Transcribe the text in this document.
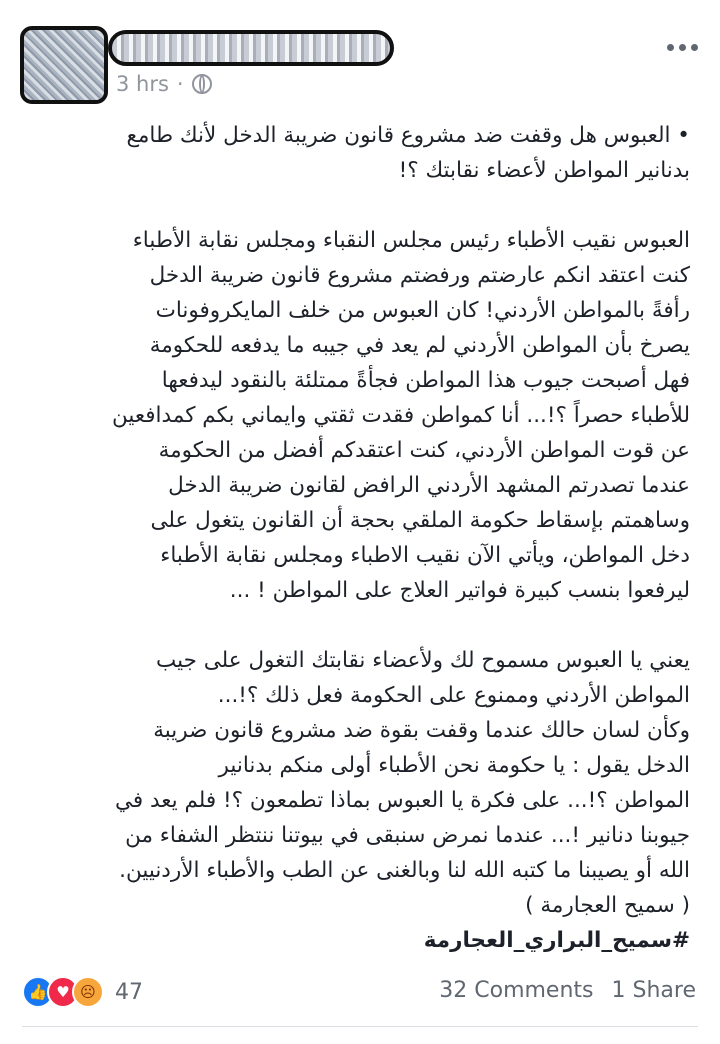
3 hrs ·
• العبوس هل وقفت ضد مشروع قانون ضريبة الدخل لأنك طامع
بدنانير المواطن لأعضاء نقابتك ؟!
العبوس نقيب الأطباء رئيس مجلس النقباء ومجلس نقابة الأطباء
كنت اعتقد انكم عارضتم ورفضتم مشروع قانون ضريبة الدخل
رأفةً بالمواطن الأردني! كان العبوس من خلف المايكروفونات
يصرخ بأن المواطن الأردني لم يعد في جيبه ما يدفعه للحكومة
فهل أصبحت جيوب هذا المواطن فجأةً ممتلئة بالنقود ليدفعها
للأطباء حصراً ؟!... أنا كمواطن فقدت ثقتي وايماني بكم كمدافعين
عن قوت المواطن الأردني، كنت اعتقدكم أفضل من الحكومة
عندما تصدرتم المشهد الأردني الرافض لقانون ضريبة الدخل
وساهمتم بإسقاط حكومة الملقي بحجة أن القانون يتغول على
دخل المواطن، ويأتي الآن نقيب الاطباء ومجلس نقابة الأطباء
ليرفعوا بنسب كبيرة فواتير العلاج على المواطن ! ...
يعني يا العبوس مسموح لك ولأعضاء نقابتك التغول على جيب
المواطن الأردني وممنوع على الحكومة فعل ذلك ؟!...
وكأن لسان حالك عندما وقفت بقوة ضد مشروع قانون ضريبة
الدخل يقول : يا حكومة نحن الأطباء أولى منكم بدنانير
المواطن ؟!... على فكرة يا العبوس بماذا تطمعون ؟! فلم يعد في
جيوبنا دنانير !... عندما نمرض سنبقى في بيوتنا ننتظر الشفاء من
الله أو يصيبنا ما كتبه الله لنا وبالغنى عن الطب والأطباء الأردنيين.
( سميح العجارمة )
#سميح_البراري_العجارمة
👍 ♥ ☹ 47	32 Comments 1 Share
